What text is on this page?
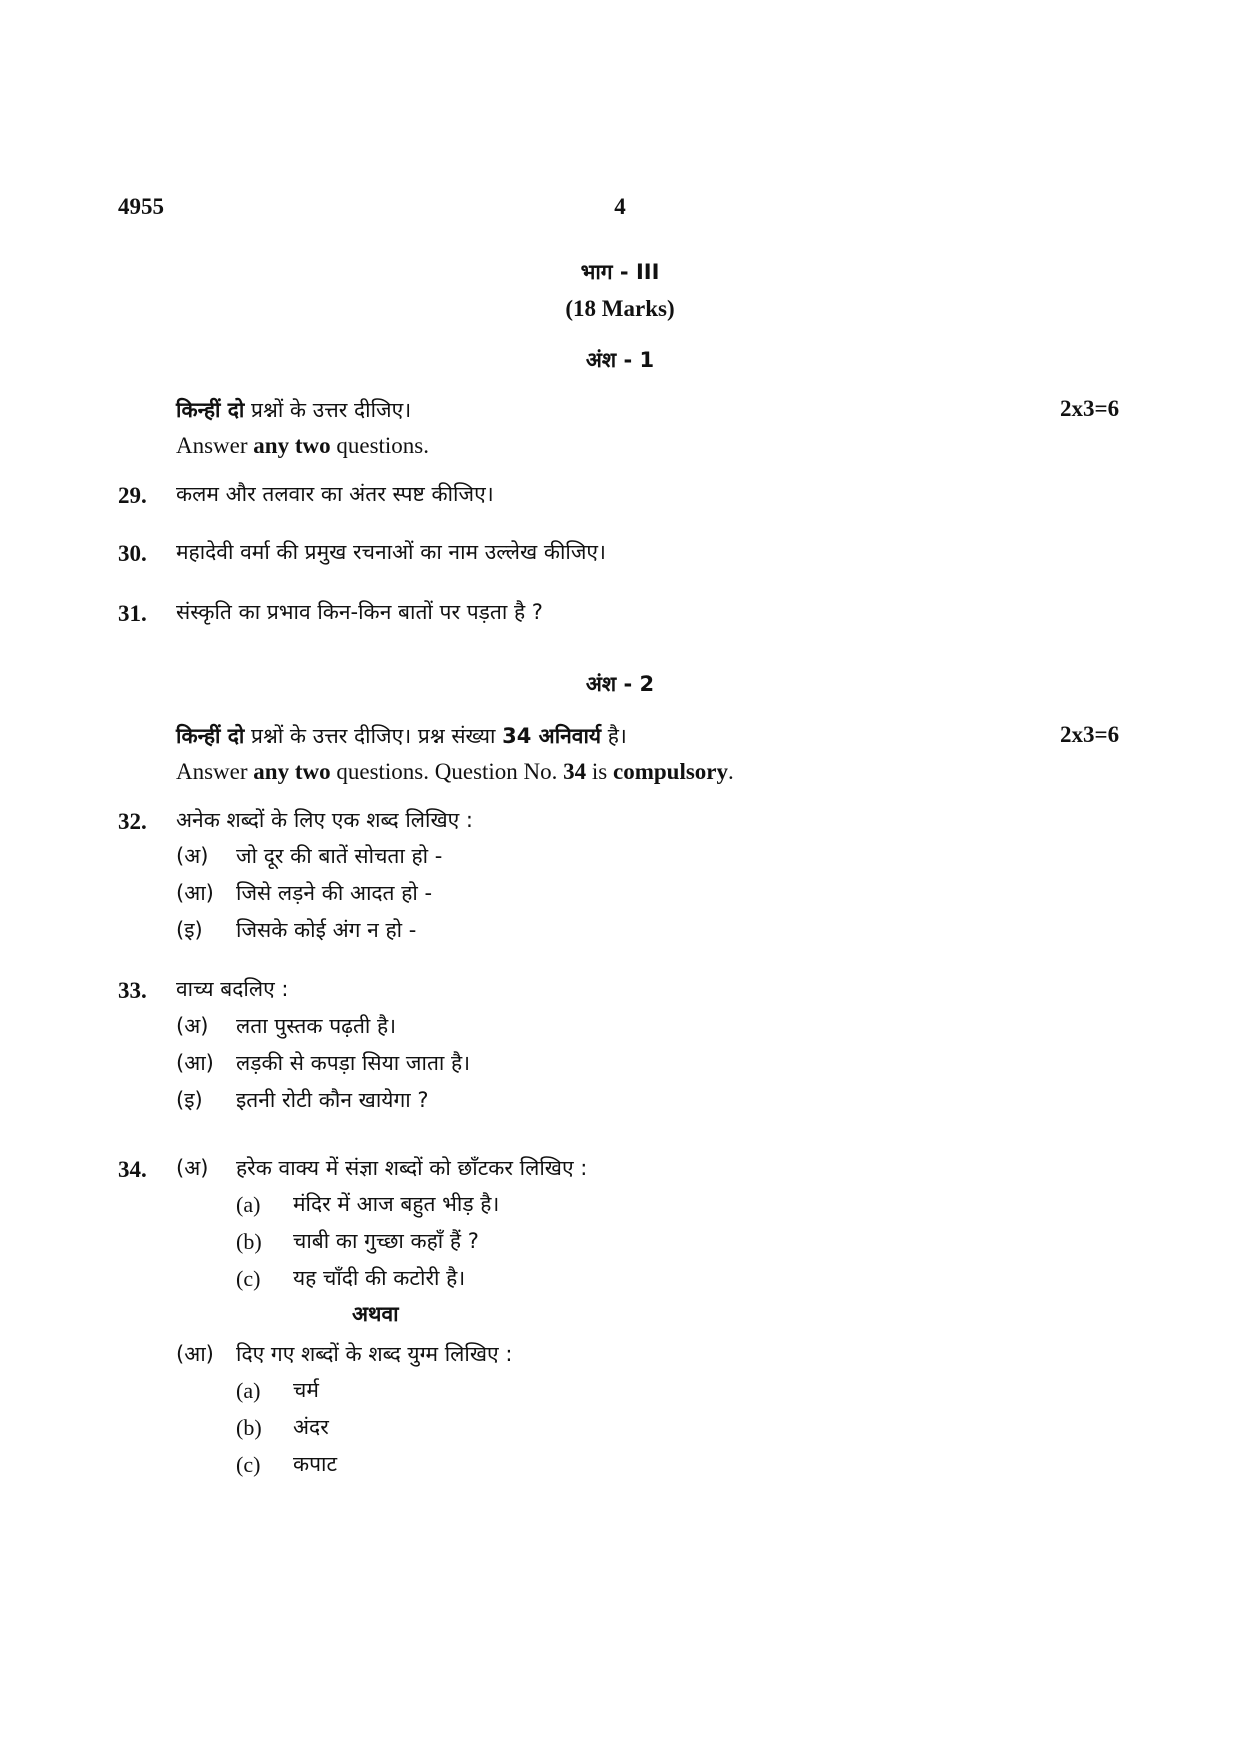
4955	4
भाग - III
(18 Marks)
अंश - 1
किन्हीं दो प्रश्नों के उत्तर दीजिए।	2x3=6
Answer any two questions.
29. कलम और तलवार का अंतर स्पष्ट कीजिए।
30. महादेवी वर्मा की प्रमुख रचनाओं का नाम उल्लेख कीजिए।
31. संस्कृति का प्रभाव किन-किन बातों पर पड़ता है ?
अंश - 2
किन्हीं दो प्रश्नों के उत्तर दीजिए। प्रश्न संख्या 34 अनिवार्य है।	2x3=6
Answer any two questions. Question No. 34 is compulsory.
32. अनेक शब्दों के लिए एक शब्द लिखिए :
(अ) जो दूर की बातें सोचता हो -
(आ) जिसे लड़ने की आदत हो -
(इ) जिसके कोई अंग न हो -
33. वाच्य बदलिए :
(अ) लता पुस्तक पढ़ती है।
(आ) लड़की से कपड़ा सिया जाता है।
(इ) इतनी रोटी कौन खायेगा ?
34. (अ) हरेक वाक्य में संज्ञा शब्दों को छाँटकर लिखिए :
(a) मंदिर में आज बहुत भीड़ है।
(b) चाबी का गुच्छा कहाँ हैं ?
(c) यह चाँदी की कटोरी है।
अथवा
(आ) दिए गए शब्दों के शब्द युग्म लिखिए :
(a) चर्म
(b) अंदर
(c) कपाट
